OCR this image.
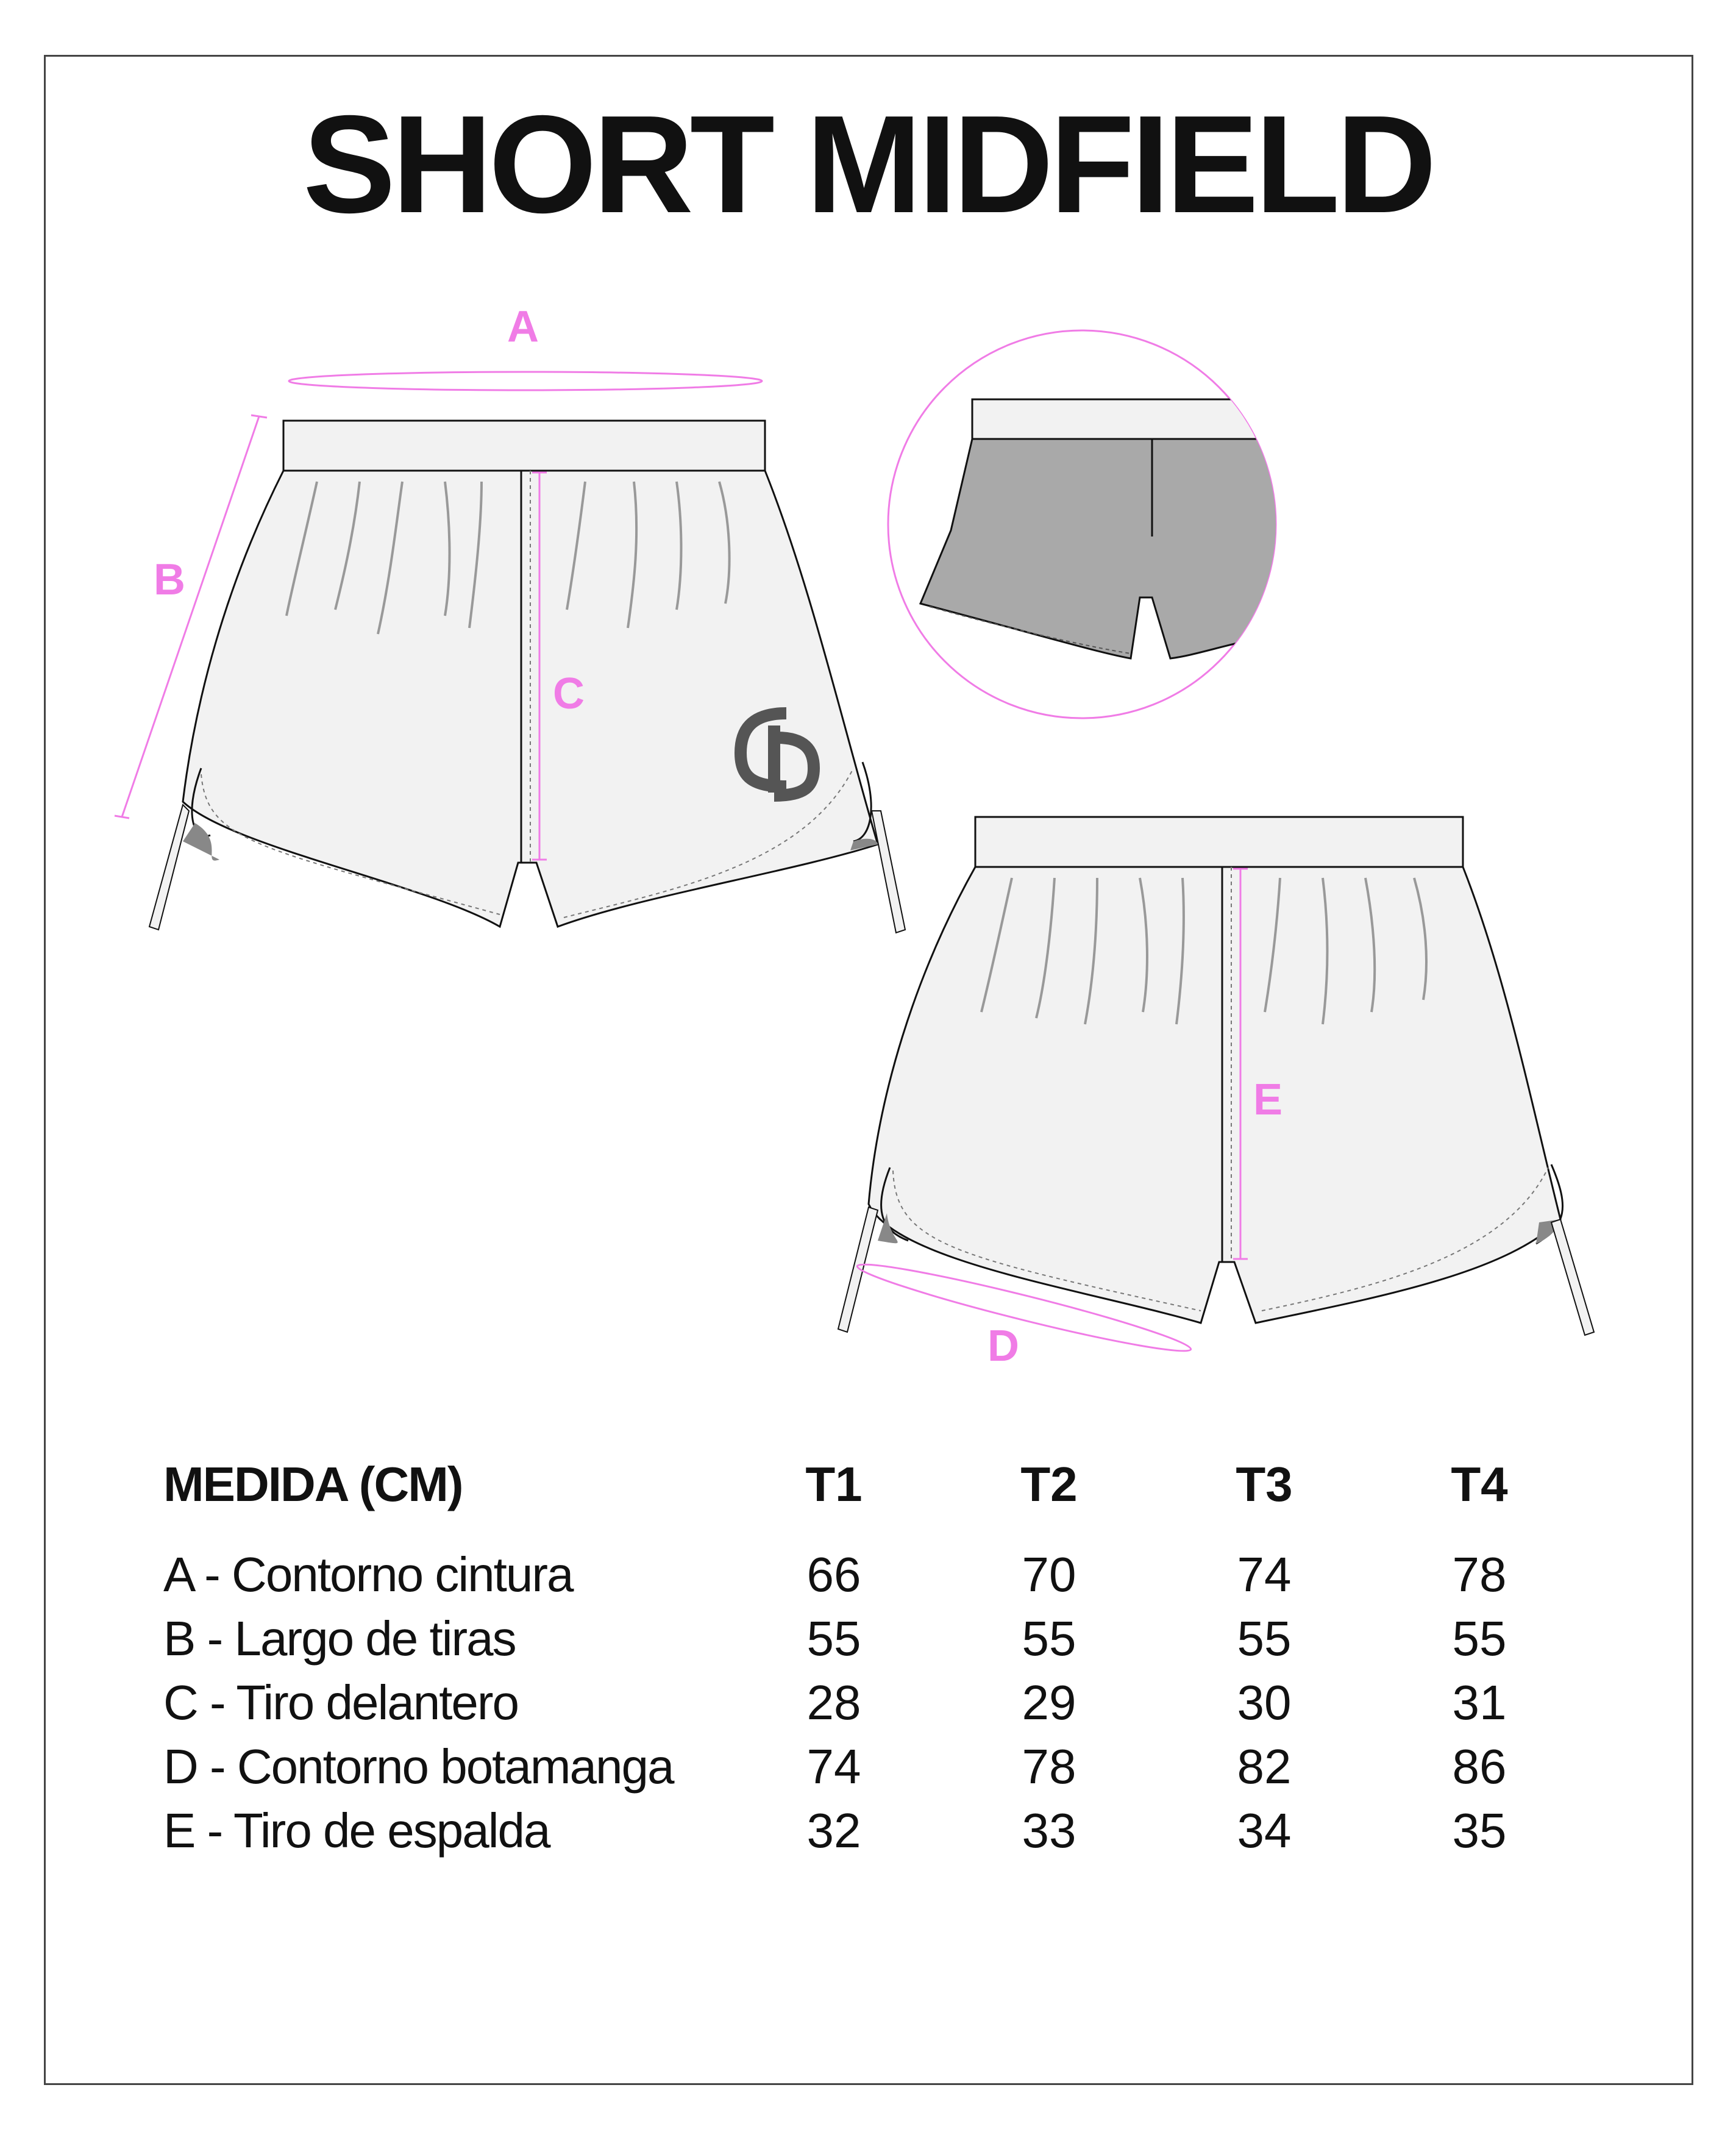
SHORT MIDFIELD
A
B
C
E
D
MEDIDA (CM)	T1	T2	T3	T4
A - Contorno cintura	66	70	74	78
B - Largo de tiras	55	55	55	55
C - Tiro delantero	28	29	30	31
D - Contorno botamanga	74	78	82	86
E - Tiro de espalda	32	33	34	35
